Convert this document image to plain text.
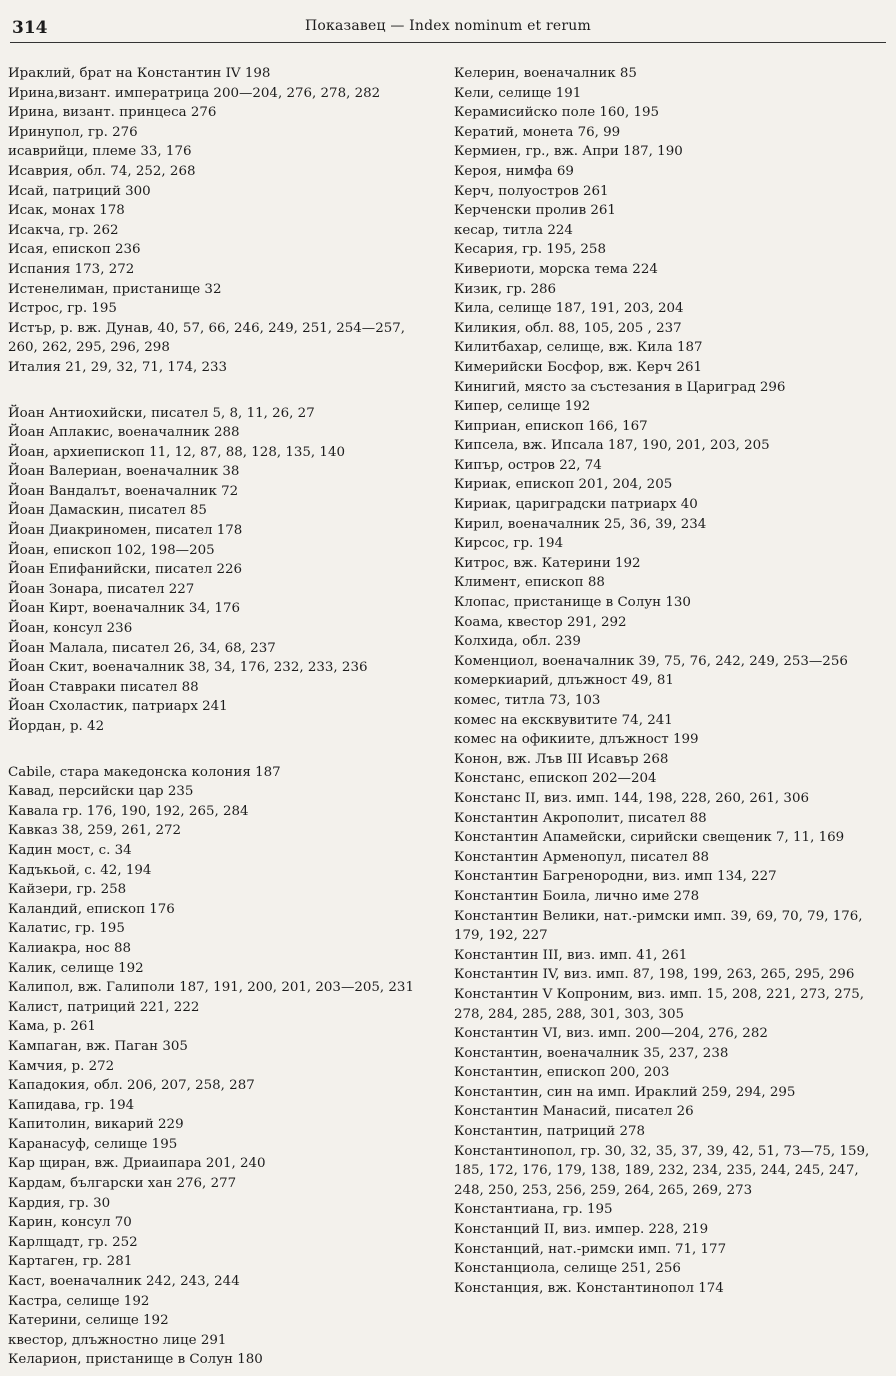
314	Показавец — Index nominum et rerum
Ираклий, брат на Константин IV 198
Ирина,визант. императрица 200—204, 276, 278, 282
Ирина, визант. принцеса 276
Иринупол, гр. 276
исаврийци, племе 33, 176
Исаврия, обл. 74, 252, 268
Исай, патриций 300
Исак, монах 178
Исакча, гр. 262
Исая, епископ 236
Испания 173, 272
Истенелиман, пристанище 32
Истрос, гр. 195
Истър, р. вж. Дунав, 40, 57, 66, 246, 249, 251, 254—257, 260, 262, 295, 296, 298
Италия 21, 29, 32, 71, 174, 233
Йоан Антиохийски, писател 5, 8, 11, 26, 27
Йоан Аплакис, военачалник 288
Йоан, архиепископ 11, 12, 87, 88, 128, 135, 140
Йоан Валериан, военачалник 38
Йоан Вандалът, военачалник 72
Йоан Дамаскин, писател 85
Йоан Диакриномен, писател 178
Йоан, епископ 102, 198—205
Йоан Епифанийски, писател 226
Йоан Зонара, писател 227
Йоан Кирт, военачалник 34, 176
Йоан, консул 236
Йоан Малала, писател 26, 34, 68, 237
Йоан Скит, военачалник 38, 34, 176, 232, 233, 236
Йоан Ставраки писател 88
Йоан Схоластик, патриарх 241
Йордан, р. 42
Cabile, стара македонска колония 187
Кавад, персийски цар 235
Кавала гр. 176, 190, 192, 265, 284
Кавказ 38, 259, 261, 272
Кадин мост, с. 34
Кадъкьой, с. 42, 194
Кайзери, гр. 258
Каландий, епископ 176
Калатис, гр. 195
Калиакра, нос 88
Калик, селище 192
Калипол, вж. Галиполи 187, 191, 200, 201, 203—205, 231
Калист, патриций 221, 222
Кама, р. 261
Кампаган, вж. Паган 305
Камчия, р. 272
Кападокия, обл. 206, 207, 258, 287
Капидава, гр. 194
Капитолин, викарий 229
Каранасуф, селище 195
Кар щиран, вж. Дриаипара 201, 240
Кардам, български хан 276, 277
Кардия, гр. 30
Карин, консул 70
Карлщадт, гр. 252
Картаген, гр. 281
Каст, военачалник 242, 243, 244
Кастра, селище 192
Катерини, селище 192
квестор, длъжностно лице 291
Келарион, пристанище в Солун 180
Келерин, военачалник 85
Кели, селище 191
Керамисийско поле 160, 195
Кератий, монета 76, 99
Кермиен, гр., вж. Апри 187, 190
Кероя, нимфа 69
Керч, полуостров 261
Керченски пролив 261
кесар, титла 224
Кесария, гр. 195, 258
Кивериоти, морска тема 224
Кизик, гр. 286
Кила, селище 187, 191, 203, 204
Киликия, обл. 88, 105, 205 , 237
Килитбахар, селище, вж. Кила 187
Кимерийски Босфор, вж. Керч 261
Кинигий, място за състезания в Цариград 296
Кипер, селище 192
Киприан, епископ 166, 167
Кипсела, вж. Ипсала 187, 190, 201, 203, 205
Кипър, остров 22, 74
Кириак, епископ 201, 204, 205
Кириак, цариградски патриарх 40
Кирил, военачалник 25, 36, 39, 234
Кирсос, гр. 194
Китрос, вж. Катерини 192
Климент, епископ 88
Клопас, пристанище в Солун 130
Коама, квестор 291, 292
Колхида, обл. 239
Коменциол, военачалник 39, 75, 76, 242, 249, 253—256
комеркиарий, длъжност 49, 81
комес, титла 73, 103
комес на ексквувитите 74, 241
комес на офикиите, длъжност 199
Конон, вж. Лъв III Исавър 268
Констанс, епископ 202—204
Констанс II, виз. имп. 144, 198, 228, 260, 261, 306
Константин Акрополит, писател 88
Константин Апамейски, сирийски свещеник 7, 11, 169
Константин Арменопул, писател 88
Константин Багренородни, виз. имп 134, 227
Константин Боила, лично име 278
Константин Велики, нат.-римски имп. 39, 69, 70, 79, 176, 179, 192, 227
Константин III, виз. имп. 41, 261
Константин IV, виз. имп. 87, 198, 199, 263, 265, 295, 296
Константин V Копроним, виз. имп. 15, 208, 221, 273, 275, 278, 284, 285, 288, 301, 303, 305
Константин VI, виз. имп. 200—204, 276, 282
Константин, военачалник 35, 237, 238
Константин, епископ 200, 203
Константин, син на имп. Ираклий 259, 294, 295
Константин Манасий, писател 26
Константин, патриций 278
Константинопол, гр. 30, 32, 35, 37, 39, 42, 51, 73—75, 159, 185, 172, 176, 179, 138, 189, 232, 234, 235, 244, 245, 247, 248, 250, 253, 256, 259, 264, 265, 269, 273
Константиана, гр. 195
Констанций II, виз. импер. 228, 219
Констанций, нат.-римски имп. 71, 177
Констанциола, селище 251, 256
Констанция, вж. Константинопол 174
